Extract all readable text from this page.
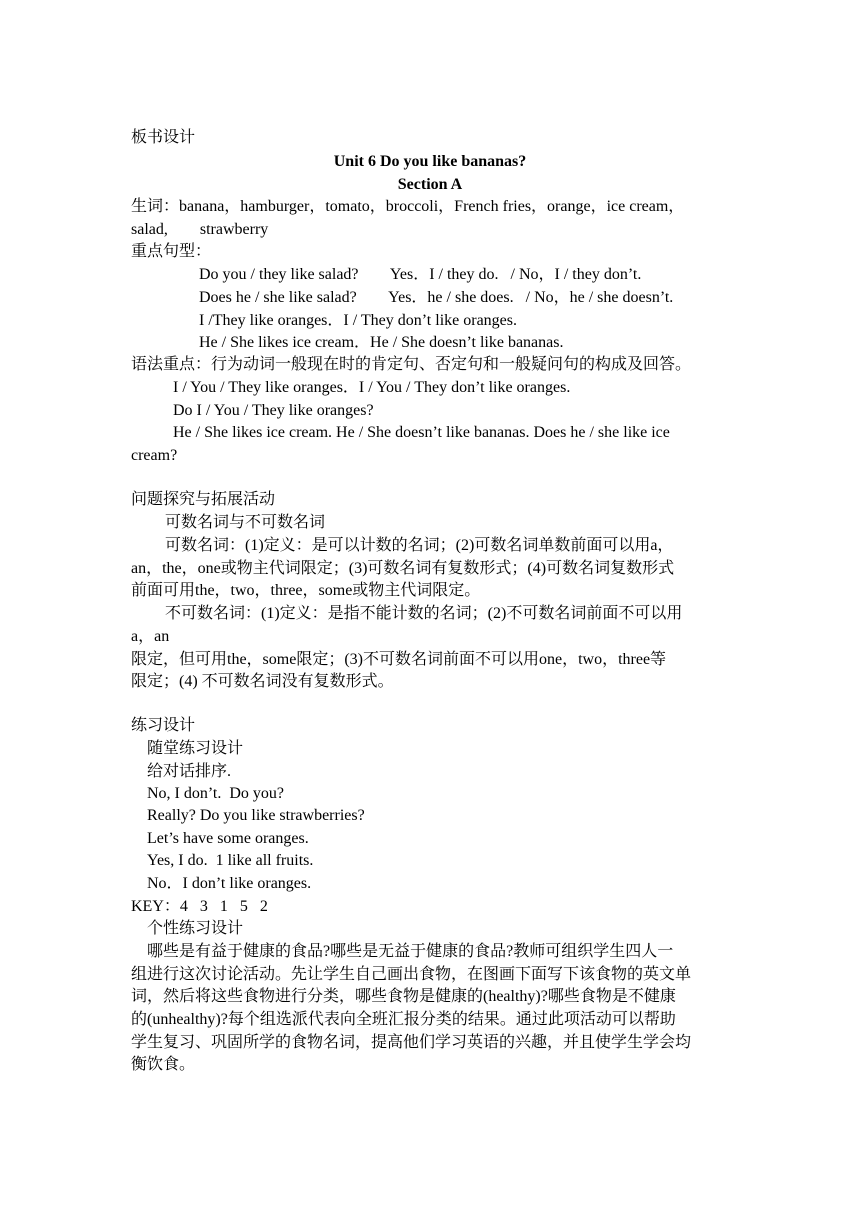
板书设计

Unit 6 Do you like bananas?

Section A

生词：banana，hamburger，tomato，broccoli，French fries，orange，ice cream，

salad,        strawberry

重点句型：

Do you / they like salad?        Yes．I / they do.   / No，I / they don’t.

Does he / she like salad?        Yes．he / she does.   / No，he / she doesn’t.

I /They like oranges．I / They don’t like oranges.

He / She likes ice cream．He / She doesn’t like bananas.

语法重点：行为动词一般现在时的肯定句、否定句和一般疑问句的构成及回答。

I / You / They like oranges．I / You / They don’t like oranges.

Do I / You / They like oranges?

He / She likes ice cream. He / She doesn’t like bananas. Does he / she like ice

cream?

问题探究与拓展活动

可数名词与不可数名词

可数名词：(1)定义：是可以计数的名词；(2)可数名词单数前面可以用a，

an，the，one或物主代词限定；(3)可数名词有复数形式；(4)可数名词复数形式

前面可用the，two，three，some或物主代词限定。

不可数名词：(1)定义：是指不能计数的名词；(2)不可数名词前面不可以用

a，an

限定，但可用the，some限定；(3)不可数名词前面不可以用one，two，three等

限定；(4) 不可数名词没有复数形式。

练习设计

随堂练习设计

给对话排序.

No, I don’t.  Do you?

Really? Do you like strawberries?

Let’s have some oranges.

Yes, I do.  1 like all fruits.

No．I don’t like oranges.

KEY：4   3   1   5   2

个性练习设计

哪些是有益于健康的食品?哪些是无益于健康的食品?教师可组织学生四人一

组进行这次讨论活动。先让学生自己画出食物，在图画下面写下该食物的英文单

词，然后将这些食物进行分类，哪些食物是健康的(healthy)?哪些食物是不健康

的(unhealthy)?每个组选派代表向全班汇报分类的结果。通过此项活动可以帮助

学生复习、巩固所学的食物名词，提高他们学习英语的兴趣，并且使学生学会均

衡饮食。
